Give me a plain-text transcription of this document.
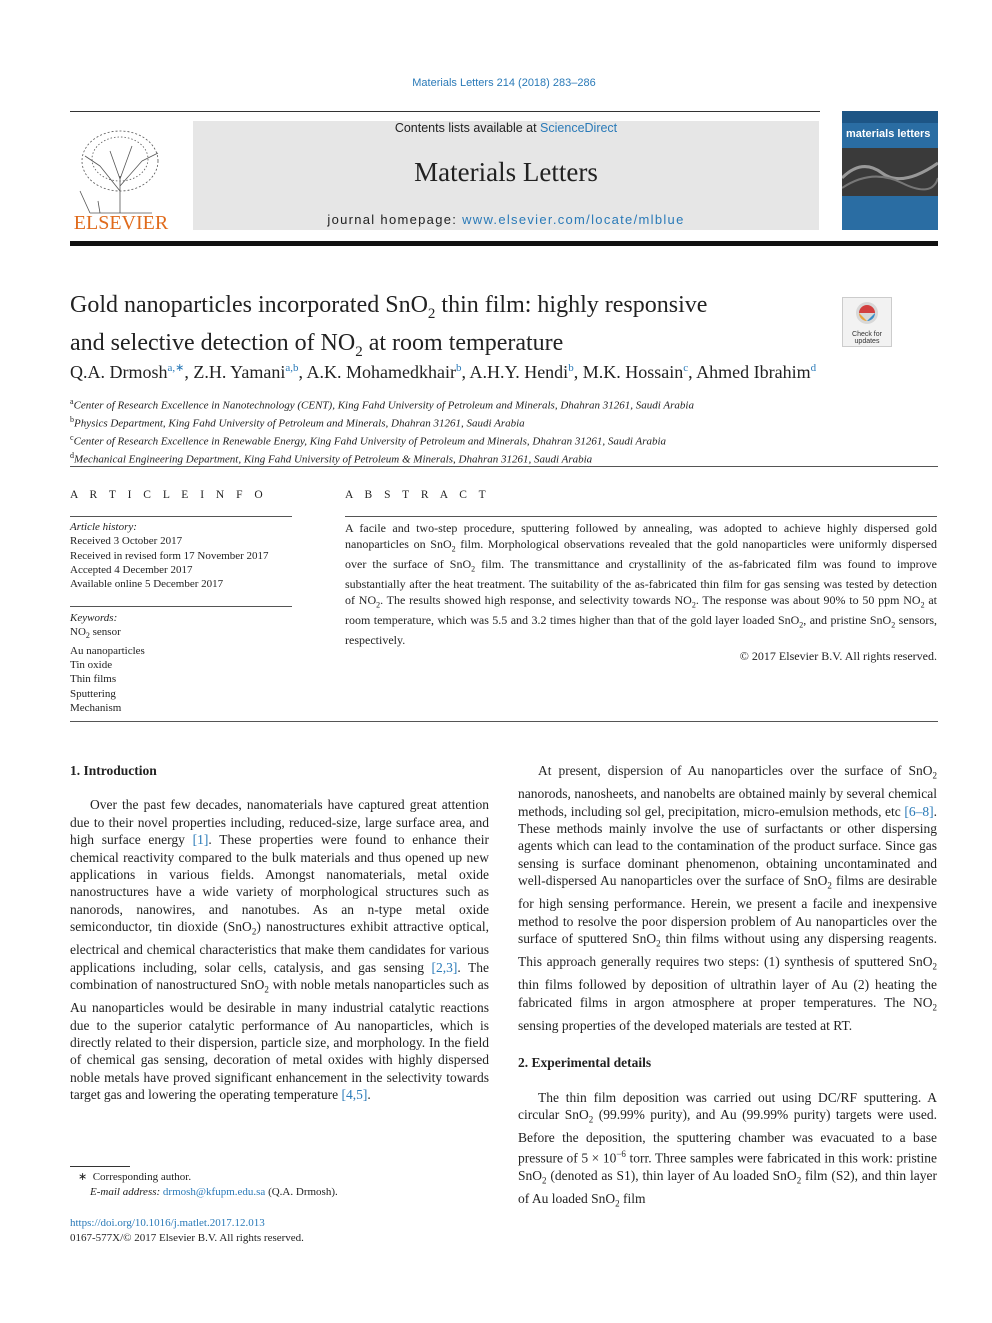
Materials Letters 214 (2018) 283–286
ELSEVIER
Contents lists available at ScienceDirect
Materials Letters
journal homepage: www.elsevier.com/locate/mlblue
materials letters
Gold nanoparticles incorporated SnO$_2$ thin film: highly responsive
and selective detection of $NO_2$ at room temperature	Check for
updates
Q.A. Drmosh$^{a,∗}$, Z.H. Yamani$^{a,b}$, A.K. Mohamedkhair$^b$, A.H.Y. Hendi$^b$, M.K. Hossain$^c$, Ahmed Ibrahim$^d$
$^a$Center of Research Excellence in Nanotechnology (CENT), King Fahd University of Petroleum and Minerals, Dhahran 31261, Saudi Arabia
$^b$Physics Department, King Fahd University of Petroleum and Minerals, Dhahran 31261, Saudi Arabia
$^c$Center of Research Excellence in Renewable Energy, King Fahd University of Petroleum and Minerals, Dhahran 31261, Saudi Arabia
$^d$Mechanical Engineering Department, King Fahd University of Petroleum & Minerals, Dhahran 31261, Saudi Arabia
A R T I C L E I N F O
Article history:
Received 3 October 2017
Received in revised form 17 November 2017
Accepted 4 December 2017
Available online 5 December 2017
Keywords:
$NO_2$ sensor
Au nanoparticles
Tin oxide
Thin films
Sputtering
Mechanism
A B S T R A C T
A facile and two-step procedure, sputtering followed by annealing, was adopted to achieve highly dispersed gold nanoparticles on SnO$_2$ film. Morphological observations revealed that the gold nanoparticles were uniformly dispersed over the surface of SnO$_2$ film. The transmittance and crystallinity of the as-fabricated film was found to improve substantially after the heat treatment. The suitability of the as-fabricated thin film for gas sensing was tested by detection of $NO_2$. The results showed high response, and selectivity towards $NO_2$. The response was about 90% to 50 ppm $NO_2$ at room temperature, which was 5.5 and 3.2 times higher than that of the gold layer loaded SnO$_2$, and pristine SnO$_2$ sensors, respectively.
© 2017 Elsevier B.V. All rights reserved.
1. Introduction

Over the past few decades, nanomaterials have captured great attention due to their novel properties including, reduced-size, large surface area, and high surface energy [1]. These properties were found to enhance their chemical reactivity compared to the bulk materials and thus opened up new applications in various fields. Amongst nanomaterials, metal oxide nanostructures have a wide variety of morphological structures such as nanorods, nanowires, and nanotubes. As an n-type metal oxide semiconductor, tin dioxide (SnO$_2$) nanostructures exhibit attractive optical, electrical and chemical characteristics that make them candidates for various applications including, solar cells, catalysis, and gas sensing [2,3]. The combination of nanostructured SnO$_2$ with noble metals nanoparticles such as Au nanoparticles would be desirable in many industrial catalytic reactions due to the superior catalytic performance of Au nanoparticles, which is directly related to their dispersion, particle size, and morphology. In the field of chemical gas sensing, decoration of metal oxides with highly dispersed noble metals have proved significant enhancement in the selectivity towards target gas and lowering the operating temperature [4,5].

At present, dispersion of Au nanoparticles over the surface of SnO$_2$ nanorods, nanosheets, and nanobelts are obtained mainly by several chemical methods, including sol gel, precipitation, micro-emulsion methods, etc [6–8]. These methods mainly involve the use of surfactants or other dispersing agents which can lead to the contamination of the product surface. Since gas sensing is surface dominant phenomenon, obtaining uncontaminated and well-dispersed Au nanoparticles over the surface of SnO$_2$ films are desirable for high sensing performance. Herein, we present a facile and inexpensive method to resolve the poor dispersion problem of Au nanoparticles over the surface of sputtered SnO$_2$ thin films without using any dispersing reagents. This approach generally requires two steps: (1) synthesis of sputtered SnO$_2$ thin films followed by deposition of ultrathin layer of Au (2) heating the fabricated films in argon atmosphere at proper temperatures. The $NO_2$ sensing properties of the developed materials are tested at RT.

2. Experimental details

The thin film deposition was carried out using DC/RF sputtering. A circular SnO$_2$ (99.99% purity), and Au (99.99% purity) targets were used. Before the deposition, the sputtering chamber was evacuated to a base pressure of $5 \times 10^{-6}$ torr. Three samples were fabricated in this work: pristine SnO$_2$ (denoted as S1), thin layer of Au loaded SnO$_2$ film (S2), and thin layer of Au loaded SnO$_2$ film

∗ Corresponding author.
E-mail address: drmosh@kfupm.edu.sa (Q.A. Drmosh).
https://doi.org/10.1016/j.matlet.2017.12.013
0167-577X/© 2017 Elsevier B.V. All rights reserved.
